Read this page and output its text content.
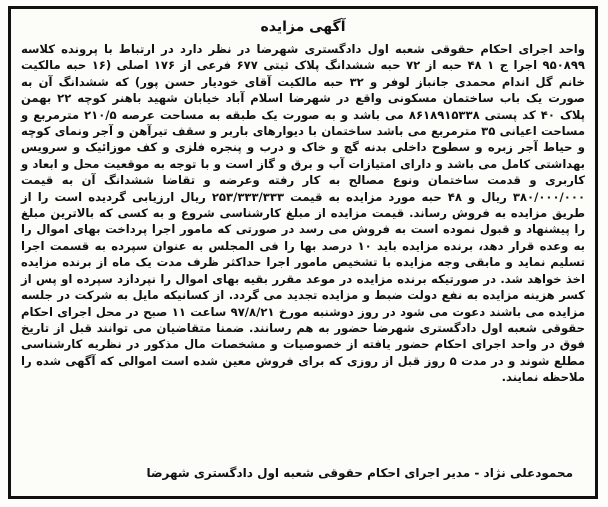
آگهی مزایده
واحد اجرای احکام حقوقی شعبه اول دادگستری شهرضا در نظر دارد در ارتباط با پرونده کلاسه ۹۵۰۸۹۹ اجرا ج ۱ ۴۸ حبه از ۷۲ حبه ششدانگ پلاک ثبتی ۶۷۷ فرعی از ۱۷۶ اصلی (۱۶ حبه مالکیت خانم گل اندام محمدی جانباز لوفر و ۳۲ حبه مالکیت آقای خودیار حسن پور) که ششدانگ آن به صورت یک باب ساختمان مسکونی واقع در شهرضا اسلام آباد خیابان شهید باهنر کوچه ۲۲ بهمن پلاک ۴۰ کد پستی ۸۶۱۸۹۱۵۳۳۸ می باشد و به صورت یک طبقه به مساحت عرصه ۲۱۰/۵ مترمربع و مساحت اعیانی ۳۵ مترمربع می باشد ساختمان با دیوارهای باربر و سقف تیرآهن و آجر ونمای کوچه و حیاط آجر زبره و سطوح داخلی بدنه گچ و خاک و درب و پنجره فلزی و کف موزائیک و سرویس بهداشتی کامل می باشد و دارای امتیازات آب و برق و گاز است و با توجه به موقعیت محل و ابعاد و کاربری و قدمت ساختمان ونوع مصالح به کار رفته وعرضه و تقاضا ششدانگ آن به قیمت ۳۸۰/۰۰۰/۰۰۰ ریال و ۴۸ حبه مورد مزایده به قیمت ۲۵۳/۳۳۳/۳۳۳ ریال ارزیابی گردیده است را از طریق مزایده به فروش رساند. قیمت مزایده از مبلغ کارشناسی شروع و به کسی که بالاترین مبلغ را پیشنهاد و قبول نموده است به فروش می رسد در صورتی که مامور اجرا پرداخت بهای اموال را به وعده قرار دهد، برنده مزایده باید ۱۰ درصد بها را فی المجلس به عنوان سپرده به قسمت اجرا تسلیم نماید و مابقی وجه مزایده با تشخیص مامور اجرا حداکثر ظرف مدت یک ماه از برنده مزایده اخذ خواهد شد. در صورتیکه برنده مزایده در موعد مقرر بقیه بهای اموال را نپردازد سپرده او پس از کسر هزینه مزایده به نفع دولت ضبط و مزایده تجدید می گردد. از کسانیکه مایل به شرکت در جلسه مزایده می باشند دعوت می شود در روز دوشنبه مورخ ۹۷/۸/۲۱ ساعت ۱۱ صبح در محل اجرای احکام حقوقی شعبه اول دادگستری شهرضا حضور به هم رسانند. ضمنا متقاضیان می توانند قبل از تاریخ فوق در واحد اجرای احکام حضور یافته از خصوصیات و مشخصات مال مذکور در نظریه کارشناسی مطلع شوند و در مدت ۵ روز قبل از روزی که برای فروش معین شده است اموالی که آگهی شده را ملاحظه نمایند.
محمودعلی نژاد - مدیر اجرای احکام حقوقی شعبه اول دادگستری شهرضا
